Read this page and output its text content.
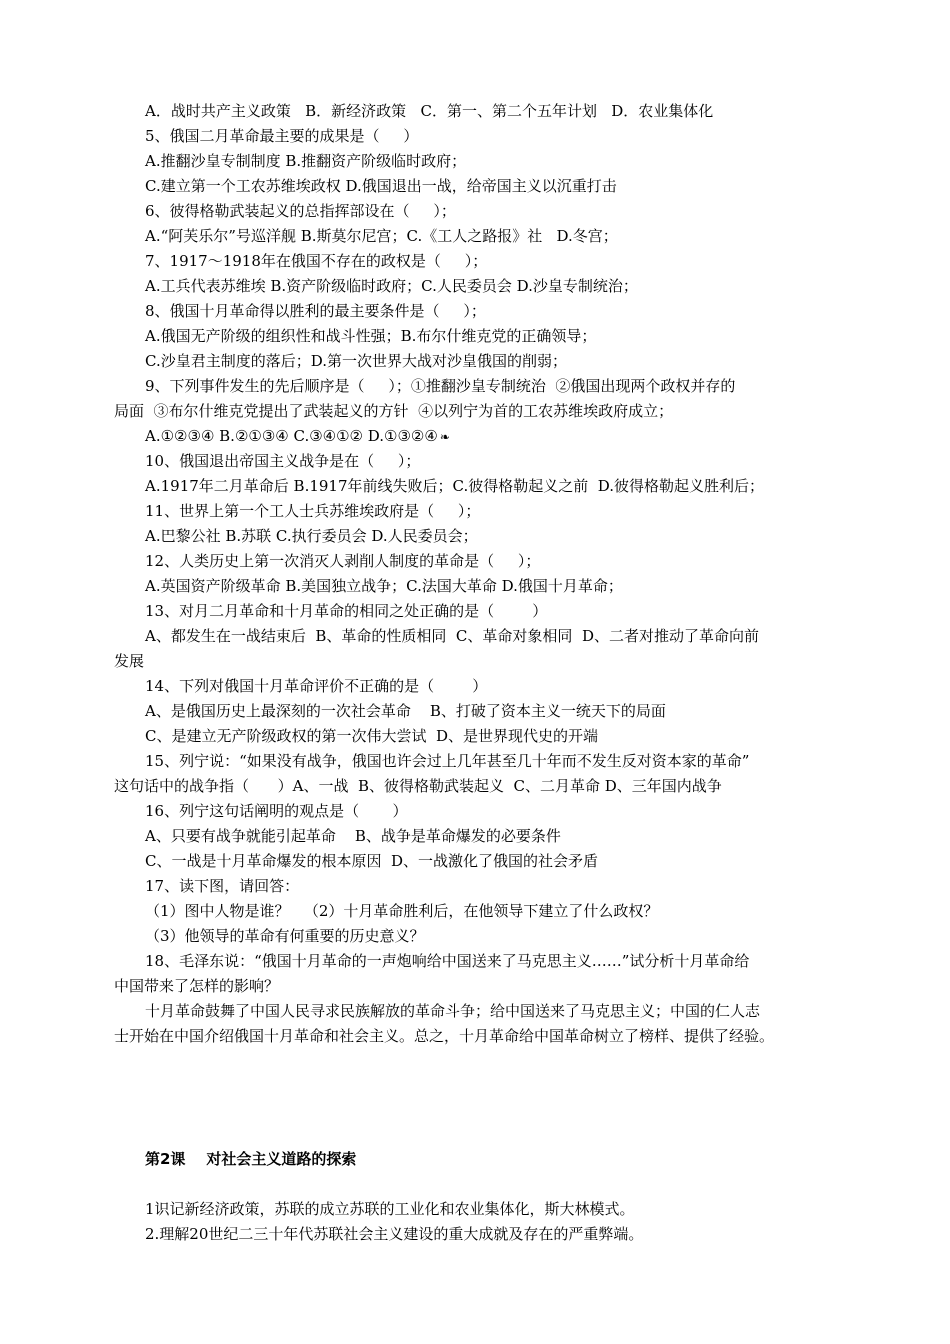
A．战时共产主义政策   B．新经济政策   C．第一、第二个五年计划   D．农业集体化
5、俄国二月革命最主要的成果是（     ）
A.推翻沙皇专制制度 B.推翻资产阶级临时政府；
C.建立第一个工农苏维埃政权 D.俄国退出一战，给帝国主义以沉重打击
6、彼得格勒武装起义的总指挥部设在（     ）；
A.“阿芙乐尔”号巡洋舰 B.斯莫尔尼宫；C.《工人之路报》社   D.冬宫；
7、1917～1918年在俄国不存在的政权是（     ）；
A.工兵代表苏维埃 B.资产阶级临时政府；C.人民委员会 D.沙皇专制统治；
8、俄国十月革命得以胜利的最主要条件是（     ）；
A.俄国无产阶级的组织性和战斗性强；B.布尔什维克党的正确领导；
C.沙皇君主制度的落后；D.第一次世界大战对沙皇俄国的削弱；
9、下列事件发生的先后顺序是（     ）；①推翻沙皇专制统治  ②俄国出现两个政权并存的
局面  ③布尔什维克党提出了武装起义的方针  ④以列宁为首的工农苏维埃政府成立；
A.①②③④ B.②①③④ C.③④①② D.①③②④ ❧
10、俄国退出帝国主义战争是在（     ）；
A.1917年二月革命后 B.1917年前线失败后；C.彼得格勒起义之前  D.彼得格勒起义胜利后；
11、世界上第一个工人士兵苏维埃政府是（     ）；
A.巴黎公社 B.苏联 C.执行委员会 D.人民委员会；
12、人类历史上第一次消灭人剥削人制度的革命是（     ）；
A.英国资产阶级革命 B.美国独立战争；C.法国大革命 D.俄国十月革命；
13、对月二月革命和十月革命的相同之处正确的是（        ）
A、都发生在一战结束后  B、革命的性质相同  C、革命对象相同  D、二者对推动了革命向前
发展
14、下列对俄国十月革命评价不正确的是（        ）
A、是俄国历史上最深刻的一次社会革命    B、打破了资本主义一统天下的局面
C、是建立无产阶级政权的第一次伟大尝试  D、是世界现代史的开端
15、列宁说：“如果没有战争，俄国也许会过上几年甚至几十年而不发生反对资本家的革命”
这句话中的战争指（      ）A、一战  B、彼得格勒武装起义  C、二月革命 D、三年国内战争
16、列宁这句话阐明的观点是（       ）
A、只要有战争就能引起革命    B、战争是革命爆发的必要条件
C、一战是十月革命爆发的根本原因  D、一战激化了俄国的社会矛盾
17、读下图，请回答：
（1）图中人物是谁？   （2）十月革命胜利后，在他领导下建立了什么政权？
（3）他领导的革命有何重要的历史意义？
18、毛泽东说：“俄国十月革命的一声炮响给中国送来了马克思主义……”试分析十月革命给
中国带来了怎样的影响？
十月革命鼓舞了中国人民寻求民族解放的革命斗争；给中国送来了马克思主义；中国的仁人志
士开始在中国介绍俄国十月革命和社会主义。总之，十月革命给中国革命树立了榜样、提供了经验。
第2课    对社会主义道路的探索
1识记新经济政策，苏联的成立苏联的工业化和农业集体化，斯大林模式。
2.理解20世纪二三十年代苏联社会主义建设的重大成就及存在的严重弊端。
